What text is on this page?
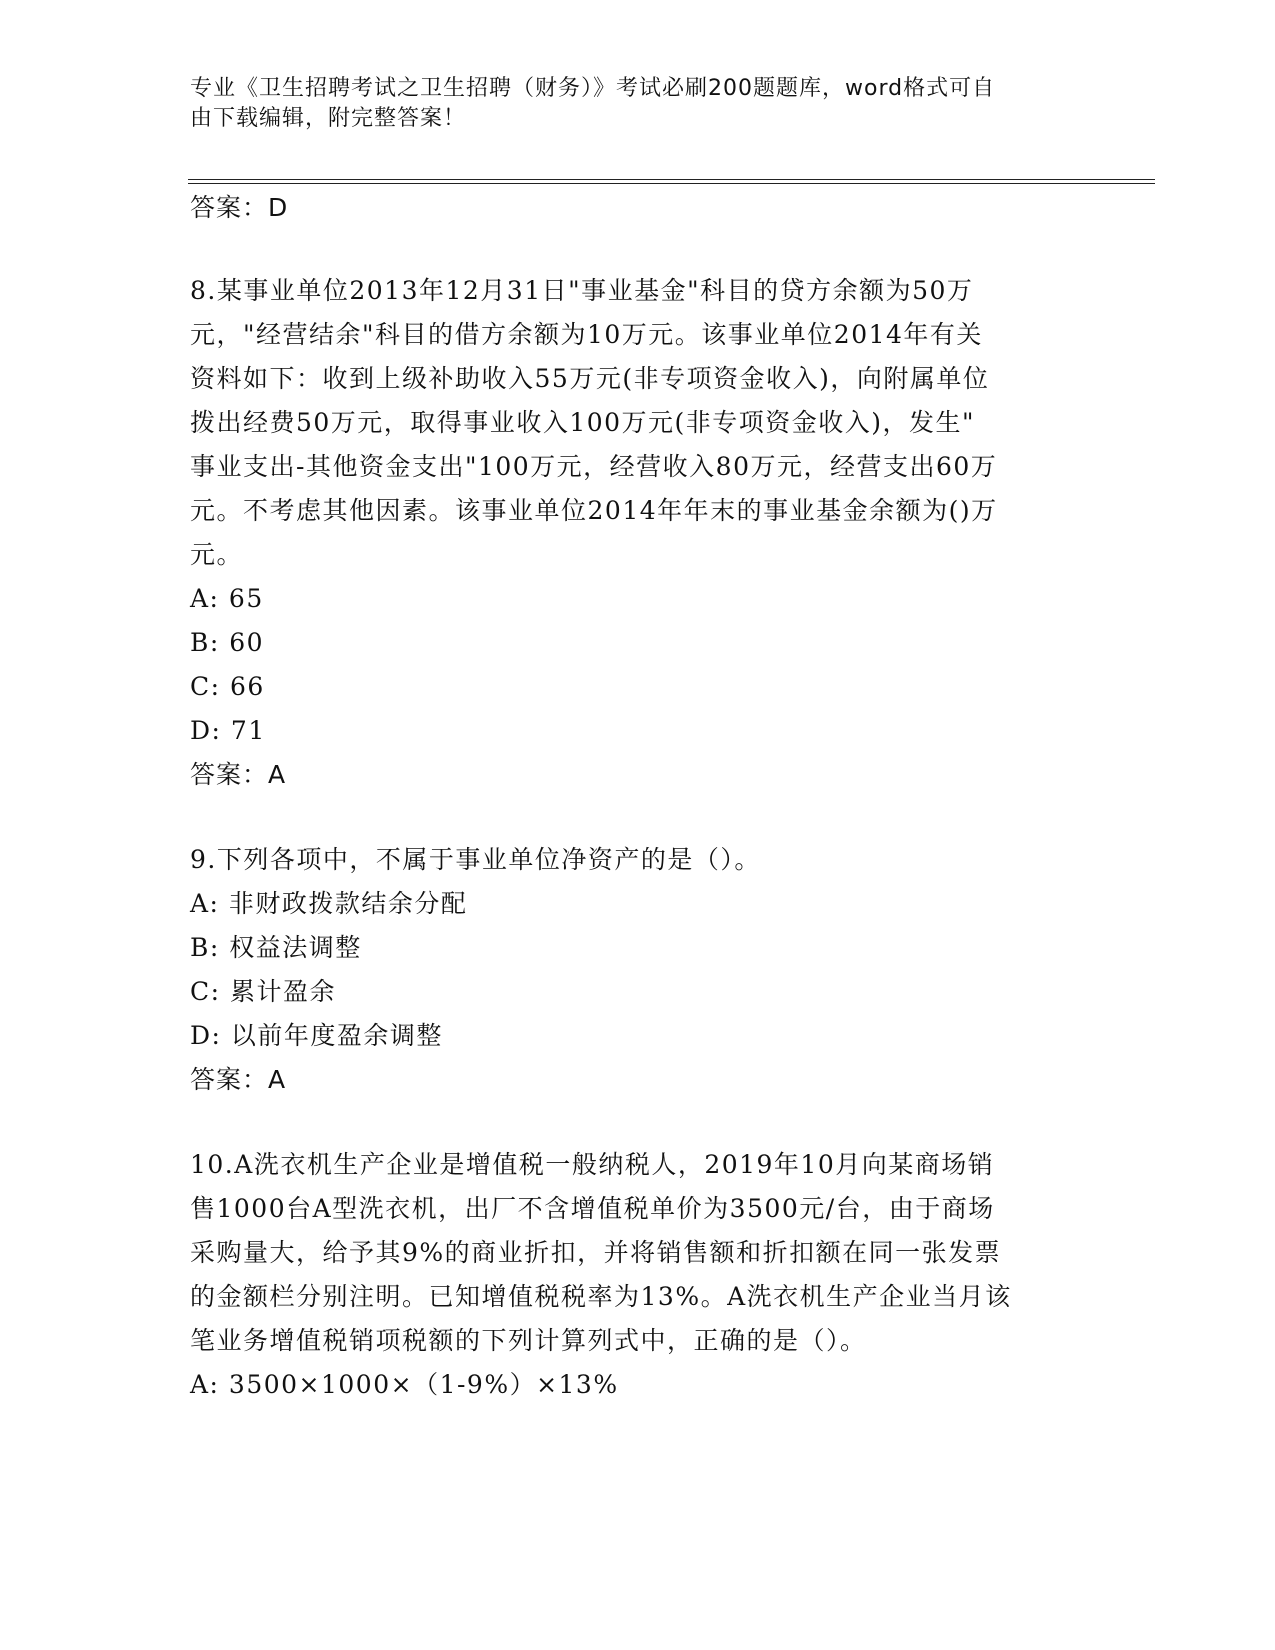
专业《卫生招聘考试之卫生招聘（财务）》考试必刷200题题库，word格式可自
由下载编辑，附完整答案！
答案：D
8.某事业单位2013年12月31日"事业基金"科目的贷方余额为50万
元，"经营结余"科目的借方余额为10万元。该事业单位2014年有关
资料如下：收到上级补助收入55万元(非专项资金收入)，向附属单位
拨出经费50万元，取得事业收入100万元(非专项资金收入)，发生"
事业支出-其他资金支出"100万元，经营收入80万元，经营支出60万
元。不考虑其他因素。该事业单位2014年年末的事业基金余额为()万
元。
A: 65
B: 60
C: 66
D: 71
答案：A
9.下列各项中，不属于事业单位净资产的是（）。
A: 非财政拨款结余分配
B: 权益法调整
C: 累计盈余
D: 以前年度盈余调整
答案：A
10.A洗衣机生产企业是增值税一般纳税人，2019年10月向某商场销
售1000台A型洗衣机，出厂不含增值税单价为3500元/台，由于商场
采购量大，给予其9%的商业折扣，并将销售额和折扣额在同一张发票
的金额栏分别注明。已知增值税税率为13%。A洗衣机生产企业当月该
笔业务增值税销项税额的下列计算列式中，正确的是（）。
A: 3500×1000×（1-9%）×13%
